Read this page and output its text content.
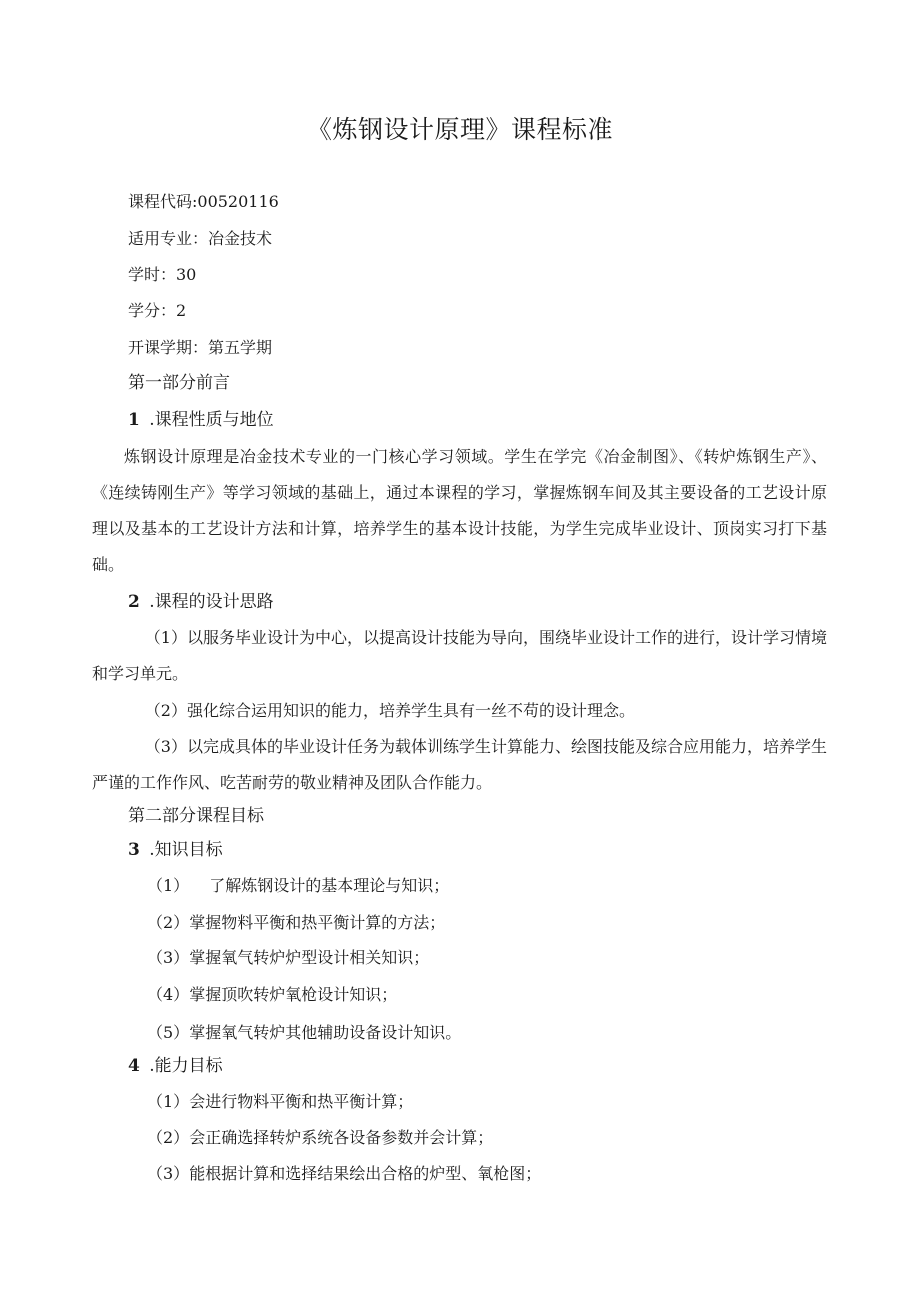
《炼钢设计原理》课程标准
课程代码:00520116
适用专业：冶金技术
学时：30
学分：2
开课学期：第五学期
第一部分前言
1 .课程性质与地位
炼钢设计原理是冶金技术专业的一门核心学习领域。学生在学完《冶金制图》、《转炉炼钢生产》、《连续铸刚生产》等学习领域的基础上，通过本课程的学习，掌握炼钢车间及其主要设备的工艺设计原理以及基本的工艺设计方法和计算，培养学生的基本设计技能，为学生完成毕业设计、顶岗实习打下基础。
2 .课程的设计思路
（1）以服务毕业设计为中心，以提高设计技能为导向，围绕毕业设计工作的进行，设计学习情境和学习单元。
（2）强化综合运用知识的能力，培养学生具有一丝不苟的设计理念。
（3）以完成具体的毕业设计任务为载体训练学生计算能力、绘图技能及综合应用能力，培养学生严谨的工作作风、吃苦耐劳的敬业精神及团队合作能力。
第二部分课程目标
3 .知识目标
（1） 了解炼钢设计的基本理论与知识；
（2）掌握物料平衡和热平衡计算的方法；
（3）掌握氧气转炉炉型设计相关知识；
（4）掌握顶吹转炉氧枪设计知识；
（5）掌握氧气转炉其他辅助设备设计知识。
4 .能力目标
（1）会进行物料平衡和热平衡计算；
（2）会正确选择转炉系统各设备参数并会计算；
（3）能根据计算和选择结果绘出合格的炉型、氧枪图；
